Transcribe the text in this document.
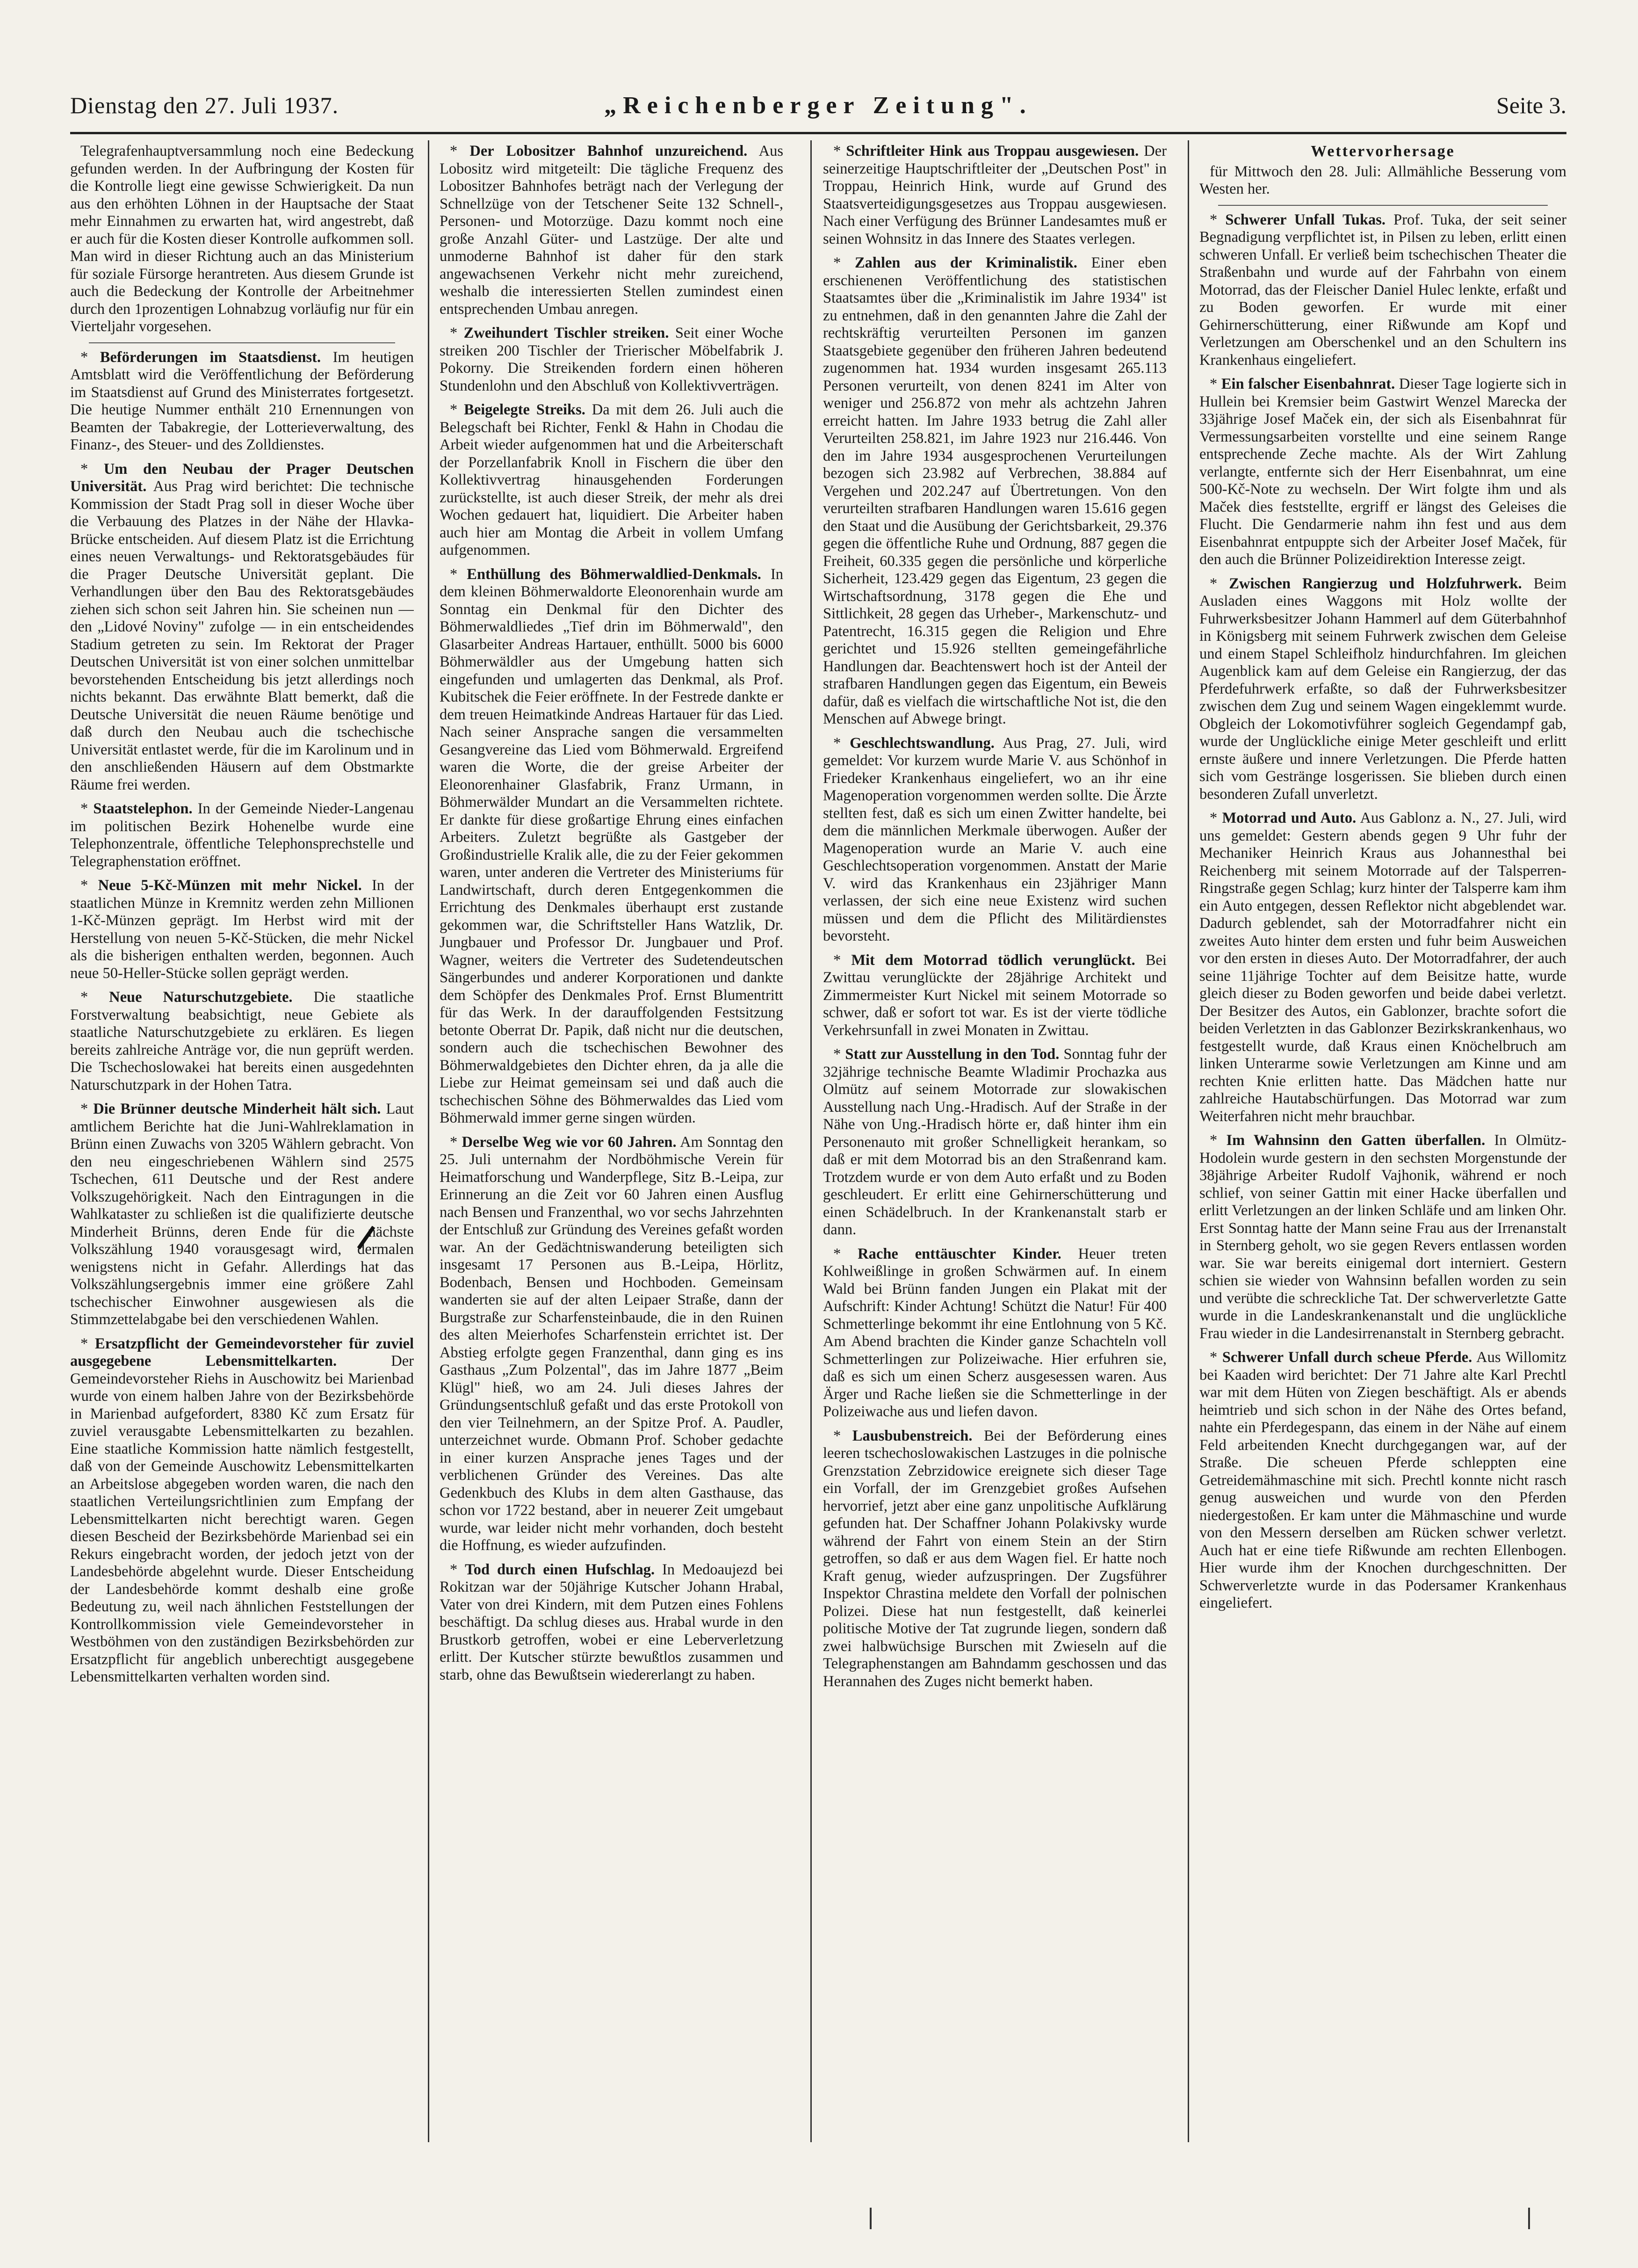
Dienstag den 27. Juli 1937.	„Reichenberger Zeitung".	Seite 3.

Telegrafenhauptversammlung noch eine Bedeckung gefunden werden. In der Aufbringung der Kosten für die Kontrolle liegt eine gewisse Schwierigkeit. Da nun aus den erhöhten Löhnen in der Hauptsache der Staat mehr Einnahmen zu erwarten hat, wird angestrebt, daß er auch für die Kosten dieser Kontrolle aufkommen soll. Man wird in dieser Richtung auch an das Ministerium für soziale Fürsorge herantreten. Aus diesem Grunde ist auch die Bedeckung der Kontrolle der Arbeitnehmer durch den 1prozentigen Lohnabzug vorläufig nur für ein Vierteljahr vorgesehen.

* Beförderungen im Staatsdienst. Im heutigen Amtsblatt wird die Veröffentlichung der Beförderung im Staatsdienst auf Grund des Ministerrates fortgesetzt. Die heutige Nummer enthält 210 Ernennungen von Beamten der Tabakregie, der Lotterieverwaltung, des Finanz-, des Steuer- und des Zolldienstes.

* Um den Neubau der Prager Deutschen Universität. Aus Prag wird berichtet: Die technische Kommission der Stadt Prag soll in dieser Woche über die Verbauung des Platzes in der Nähe der Hlavka-Brücke entscheiden. Auf diesem Platz ist die Errichtung eines neuen Verwaltungs- und Rektoratsgebäudes für die Prager Deutsche Universität geplant. Die Verhandlungen über den Bau des Rektoratsgebäudes ziehen sich schon seit Jahren hin. Sie scheinen nun — den „Lidové Noviny" zufolge — in ein entscheidendes Stadium getreten zu sein. Im Rektorat der Prager Deutschen Universität ist von einer solchen unmittelbar bevorstehenden Entscheidung bis jetzt allerdings noch nichts bekannt. Das erwähnte Blatt bemerkt, daß die Deutsche Universität die neuen Räume benötige und daß durch den Neubau auch die tschechische Universität entlastet werde, für die im Karolinum und in den anschließenden Häusern auf dem Obstmarkte Räume frei werden.

* Staatstelephon. In der Gemeinde Nieder-Langenau im politischen Bezirk Hohenelbe wurde eine Telephonzentrale, öffentliche Telephonsprechstelle und Telegraphenstation eröffnet.

* Neue 5-Kč-Münzen mit mehr Nickel. In der staatlichen Münze in Kremnitz werden zehn Millionen 1-Kč-Münzen geprägt. Im Herbst wird mit der Herstellung von neuen 5-Kč-Stücken, die mehr Nickel als die bisherigen enthalten werden, begonnen. Auch neue 50-Heller-Stücke sollen geprägt werden.

* Neue Naturschutzgebiete. Die staatliche Forstverwaltung beabsichtigt, neue Gebiete als staatliche Naturschutzgebiete zu erklären. Es liegen bereits zahlreiche Anträge vor, die nun geprüft werden. Die Tschechoslowakei hat bereits einen ausgedehnten Naturschutzpark in der Hohen Tatra.

* Die Brünner deutsche Minderheit hält sich. Laut amtlichem Berichte hat die Juni-Wahlreklamation in Brünn einen Zuwachs von 3205 Wählern gebracht. Von den neu eingeschriebenen Wählern sind 2575 Tschechen, 611 Deutsche und der Rest andere Volkszugehörigkeit. Nach den Eintragungen in die Wahlkataster zu schließen ist die qualifizierte deutsche Minderheit Brünns, deren Ende für die nächste Volkszählung 1940 vorausgesagt wird, dermalen wenigstens nicht in Gefahr. Allerdings hat das Volkszählungsergebnis immer eine größere Zahl tschechischer Einwohner ausgewiesen als die Stimmzettelabgabe bei den verschiedenen Wahlen.

* Ersatzpflicht der Gemeindevorsteher für zuviel ausgegebene Lebensmittelkarten.	Der Gemeindevorsteher Riehs in Auschowitz bei Marienbad wurde von einem halben Jahre von der Bezirksbehörde in Marienbad aufgefordert, 8380 Kč zum Ersatz für zuviel verausgabte Lebensmittelkarten zu bezahlen. Eine staatliche Kommission hatte nämlich festgestellt, daß von der Gemeinde Auschowitz Lebensmittelkarten an Arbeitslose abgegeben worden waren, die nach den staatlichen Verteilungsrichtlinien zum Empfang der Lebensmittelkarten nicht berechtigt waren. Gegen diesen Bescheid der Bezirksbehörde Marienbad sei ein Rekurs eingebracht worden, der jedoch jetzt von der Landesbehörde abgelehnt wurde. Dieser Entscheidung der Landesbehörde kommt deshalb eine große Bedeutung zu, weil nach ähnlichen Feststellungen der Kontrollkommission viele Gemeindevorsteher in Westböhmen von den zuständigen Bezirksbehörden zur Ersatzpflicht für angeblich unberechtigt ausgegebene Lebensmittelkarten verhalten worden sind.

* Der Lobositzer Bahnhof unzureichend. Aus Lobositz wird mitgeteilt: Die tägliche Frequenz des Lobositzer Bahnhofes beträgt nach der Verlegung der Schnellzüge von der Tetschener Seite 132 Schnell-, Personen- und Motorzüge. Dazu kommt noch eine große Anzahl Güter- und Lastzüge. Der alte und unmoderne Bahnhof ist daher für den stark angewachsenen Verkehr nicht mehr zureichend, weshalb die interessierten Stellen zumindest einen entsprechenden Umbau anregen.

* Zweihundert Tischler streiken. Seit einer Woche streiken 200 Tischler der Trierischer Möbelfabrik J. Pokorny. Die Streikenden fordern einen höheren Stundenlohn und den Abschluß von Kollektivverträgen.

* Beigelegte Streiks. Da mit dem 26. Juli auch die Belegschaft bei Richter, Fenkl & Hahn in Chodau die Arbeit wieder aufgenommen hat und die Arbeiterschaft der Porzellanfabrik Knoll in Fischern die über den Kollektivvertrag hinausgehenden Forderungen zurückstellte, ist auch dieser Streik, der mehr als drei Wochen gedauert hat, liquidiert. Die Arbeiter haben auch hier am Montag die Arbeit in vollem Umfang aufgenommen.

* Enthüllung des Böhmerwaldlied-Denkmals. In dem kleinen Böhmerwaldorte Eleonorenhain wurde am Sonntag ein Denkmal für den Dichter des Böhmerwaldliedes „Tief drin im Böhmerwald", den Glasarbeiter Andreas Hartauer, enthüllt. 5000 bis 6000 Böhmerwäldler aus der Umgebung hatten sich eingefunden und umlagerten das Denkmal, als Prof. Kubitschek die Feier eröffnete. In der Festrede dankte er dem treuen Heimatkinde Andreas Hartauer für das Lied. Nach seiner Ansprache sangen die versammelten Gesangvereine das Lied vom Böhmerwald. Ergreifend waren die Worte, die der greise Arbeiter der Eleonorenhainer Glasfabrik, Franz Urmann, in Böhmerwälder Mundart an die Versammelten richtete. Er dankte für diese großartige Ehrung eines einfachen Arbeiters. Zuletzt begrüßte als Gastgeber der Großindustrielle Kralik alle, die zu der Feier gekommen waren, unter anderen die Vertreter des Ministeriums für Landwirtschaft, durch deren Entgegenkommen die Errichtung des Denkmales überhaupt erst zustande gekommen war, die Schriftsteller Hans Watzlik, Dr. Jungbauer und Professor Dr. Jungbauer und Prof. Wagner, weiters die Vertreter des Sudetendeutschen Sängerbundes und anderer Korporationen und dankte dem Schöpfer des Denkmales Prof. Ernst Blumentritt für das Werk. In der darauffolgenden Festsitzung betonte Oberrat Dr. Papik, daß nicht nur die deutschen, sondern auch die tschechischen Bewohner des Böhmerwaldgebietes den Dichter ehren, da ja alle die Liebe zur Heimat gemeinsam sei und daß auch die tschechischen Söhne des Böhmerwaldes das Lied vom Böhmerwald immer gerne singen würden.

* Derselbe Weg wie vor 60 Jahren. Am Sonntag den 25. Juli unternahm der Nordböhmische Verein für Heimatforschung und Wanderpflege, Sitz B.-Leipa, zur Erinnerung an die Zeit vor 60 Jahren einen Ausflug nach Bensen und Franzenthal, wo vor sechs Jahrzehnten der Entschluß zur Gründung des Vereines gefaßt worden war. An der Gedächtniswanderung beteiligten sich insgesamt 17 Personen aus B.-Leipa, Hörlitz, Bodenbach, Bensen und Hochboden. Gemeinsam wanderten sie auf der alten Leipaer Straße, dann der Burgstraße zur Scharfensteinbaude, die in den Ruinen des alten Meierhofes Scharfenstein errichtet ist. Der Abstieg erfolgte gegen Franzenthal, dann ging es ins Gasthaus „Zum Polzental", das im Jahre 1877 „Beim Klügl" hieß, wo am 24. Juli dieses Jahres der Gründungsentschluß gefaßt und das erste Protokoll von den vier Teilnehmern, an der Spitze Prof. A. Paudler, unterzeichnet wurde. Obmann Prof. Schober gedachte in einer kurzen Ansprache jenes Tages und der verblichenen Gründer des Vereines. Das alte Gedenkbuch des Klubs in dem alten Gasthause, das schon vor 1722 bestand, aber in neuerer Zeit umgebaut wurde, war leider nicht mehr vorhanden, doch besteht die Hoffnung, es wieder aufzufinden.

* Tod durch einen Hufschlag. In Medoaujezd bei Rokitzan war der 50jährige Kutscher Johann Hrabal, Vater von drei Kindern, mit dem Putzen eines Fohlens beschäftigt. Da schlug dieses aus. Hrabal wurde in den Brustkorb getroffen, wobei er eine Leberverletzung erlitt. Der Kutscher stürzte bewußtlos zusammen und starb, ohne das Bewußtsein wiedererlangt zu haben.

* Schriftleiter Hink aus Troppau ausgewiesen. Der seinerzeitige Hauptschriftleiter der „Deutschen Post" in Troppau, Heinrich Hink, wurde auf Grund des Staatsverteidigungsgesetzes aus Troppau ausgewiesen. Nach einer Verfügung des Brünner Landesamtes muß er seinen Wohnsitz in das Innere des Staates verlegen.

* Zahlen aus der Kriminalistik. Einer eben erschienenen Veröffentlichung des statistischen Staatsamtes über die „Kriminalistik im Jahre 1934" ist zu entnehmen, daß in den genannten Jahre die Zahl der rechtskräftig verurteilten Personen im ganzen Staatsgebiete gegenüber den früheren Jahren bedeutend zugenommen hat. 1934 wurden insgesamt 265.113 Personen verurteilt, von denen 8241 im Alter von weniger und 256.872 von mehr als achtzehn Jahren erreicht hatten. Im Jahre 1933 betrug die Zahl aller Verurteilten 258.821, im Jahre 1923 nur 216.446. Von den im Jahre 1934 ausgesprochenen Verurteilungen bezogen sich 23.982 auf Verbrechen, 38.884 auf Vergehen und 202.247 auf Übertretungen. Von den verurteilten strafbaren Handlungen waren 15.616 gegen den Staat und die Ausübung der Gerichtsbarkeit, 29.376 gegen die öffentliche Ruhe und Ordnung, 887 gegen die Freiheit, 60.335 gegen die persönliche und körperliche Sicherheit, 123.429 gegen das Eigentum, 23 gegen die Wirtschaftsordnung, 3178 gegen die Ehe und Sittlichkeit, 28 gegen das Urheber-, Markenschutz- und Patentrecht, 16.315 gegen die Religion und Ehre gerichtet und 15.926 stellten gemeingefährliche Handlungen dar. Beachtenswert hoch ist der Anteil der strafbaren Handlungen gegen das Eigentum, ein Beweis dafür, daß es vielfach die wirtschaftliche Not ist, die den Menschen auf Abwege bringt.

* Geschlechtswandlung. Aus Prag, 27. Juli, wird gemeldet: Vor kurzem wurde Marie V. aus Schönhof in Friedeker Krankenhaus eingeliefert, wo an ihr eine Magenoperation vorgenommen werden sollte. Die Ärzte stellten fest, daß es sich um einen Zwitter handelte, bei dem die männlichen Merkmale überwogen. Außer der Magenoperation wurde an Marie V. auch eine Geschlechtsoperation vorgenommen. Anstatt der Marie V. wird das Krankenhaus ein 23jähriger Mann verlassen, der sich eine neue Existenz wird suchen müssen und dem die Pflicht des Militärdienstes bevorsteht.

* Mit dem Motorrad tödlich verunglückt. Bei Zwittau verunglückte der 28jährige Architekt und Zimmermeister Kurt Nickel mit seinem Motorrade so schwer, daß er sofort tot war. Es ist der vierte tödliche Verkehrsunfall in zwei Monaten in Zwittau.

* Statt zur Ausstellung in den Tod. Sonntag fuhr der 32jährige technische Beamte Wladimir Prochazka aus Olmütz auf seinem Motorrade zur slowakischen Ausstellung nach Ung.-Hradisch. Auf der Straße in der Nähe von Ung.-Hradisch hörte er, daß hinter ihm ein Personenauto mit großer Schnelligkeit herankam, so daß er mit dem Motorrad bis an den Straßenrand kam. Trotzdem wurde er von dem Auto erfaßt und zu Boden geschleudert. Er erlitt eine Gehirnerschütterung und einen Schädelbruch. In der Krankenanstalt starb er dann.

* Rache enttäuschter Kinder. Heuer treten Kohlweißlinge in großen Schwärmen auf. In einem Wald bei Brünn fanden Jungen ein Plakat mit der Aufschrift: Kinder Achtung! Schützt die Natur! Für 400 Schmetterlinge bekommt ihr eine Entlohnung von 5 Kč. Am Abend brachten die Kinder ganze Schachteln voll Schmetterlingen zur Polizeiwache. Hier erfuhren sie, daß es sich um einen Scherz ausgesessen waren. Aus Ärger und Rache ließen sie die Schmetterlinge in der Polizeiwache aus und liefen davon.

* Lausbubenstreich. Bei der Beförderung eines leeren tschechoslowakischen Lastzuges in die polnische Grenzstation Zebrzidowice ereignete sich dieser Tage ein Vorfall, der im Grenzgebiet großes Aufsehen hervorrief, jetzt aber eine ganz unpolitische Aufklärung gefunden hat. Der Schaffner Johann Polakivsky wurde während der Fahrt von einem Stein an der Stirn getroffen, so daß er aus dem Wagen fiel. Er hatte noch Kraft genug, wieder aufzuspringen. Der Zugsführer Inspektor Chrastina meldete den Vorfall der polnischen Polizei. Diese hat nun festgestellt, daß keinerlei politische Motive der Tat zugrunde liegen, sondern daß zwei halbwüchsige Burschen mit Zwieseln auf die Telegraphenstangen am Bahndamm geschossen und das Herannahen des Zuges nicht bemerkt haben.

Wettervorhersage

für Mittwoch den 28. Juli: Allmähliche Besserung vom Westen her.

* Schwerer Unfall Tukas. Prof. Tuka, der seit seiner Begnadigung verpflichtet ist, in Pilsen zu leben, erlitt einen schweren Unfall. Er verließ beim tschechischen Theater die Straßenbahn und wurde auf der Fahrbahn von einem Motorrad, das der Fleischer Daniel Hulec lenkte, erfaßt und zu Boden geworfen. Er wurde mit einer Gehirnerschütterung, einer Rißwunde am Kopf und Verletzungen am Oberschenkel und an den Schultern ins Krankenhaus eingeliefert.

* Ein falscher Eisenbahnrat. Dieser Tage logierte sich in Hullein bei Kremsier beim Gastwirt Wenzel Marecka der 33jährige Josef Maček ein, der sich als Eisenbahnrat für Vermessungsarbeiten vorstellte und eine seinem Range entsprechende Zeche machte. Als der Wirt Zahlung verlangte, entfernte sich der Herr Eisenbahnrat, um eine 500-Kč-Note zu wechseln. Der Wirt folgte ihm und als Maček dies feststellte, ergriff er längst des Geleises die Flucht. Die Gendarmerie nahm ihn fest und aus dem Eisenbahnrat entpuppte sich der Arbeiter Josef Maček, für den auch die Brünner Polizeidirektion Interesse zeigt.

* Zwischen Rangierzug und Holzfuhrwerk. Beim Ausladen eines Waggons mit Holz wollte der Fuhrwerksbesitzer Johann Hammerl auf dem Güterbahnhof in Königsberg mit seinem Fuhrwerk zwischen dem Geleise und einem Stapel Schleifholz hindurchfahren. Im gleichen Augenblick kam auf dem Geleise ein Rangierzug, der das Pferdefuhrwerk erfaßte, so daß der Fuhrwerksbesitzer zwischen dem Zug und seinem Wagen eingeklemmt wurde. Obgleich der Lokomotivführer sogleich Gegendampf gab, wurde der Unglückliche einige Meter geschleift und erlitt ernste äußere und innere Verletzungen. Die Pferde hatten sich vom Gestränge losgerissen. Sie blieben durch einen besonderen Zufall unverletzt.

* Motorrad und Auto. Aus Gablonz a. N., 27. Juli, wird uns gemeldet: Gestern abends gegen 9 Uhr fuhr der Mechaniker Heinrich Kraus aus Johannesthal bei Reichenberg mit seinem Motorrade auf der Talsperren-Ringstraße gegen Schlag; kurz hinter der Talsperre kam ihm ein Auto entgegen, dessen Reflektor nicht abgeblendet war. Dadurch geblendet, sah der Motorradfahrer nicht ein zweites Auto hinter dem ersten und fuhr beim Ausweichen vor den ersten in dieses Auto. Der Motorradfahrer, der auch seine 11jährige Tochter auf dem Beisitze hatte, wurde gleich dieser zu Boden geworfen und beide dabei verletzt. Der Besitzer des Autos, ein Gablonzer, brachte sofort die beiden Verletzten in das Gablonzer Bezirkskrankenhaus, wo festgestellt wurde, daß Kraus einen Knöchelbruch am linken Unterarme sowie Verletzungen am Kinne und am rechten Knie erlitten hatte. Das Mädchen hatte nur zahlreiche Hautabschürfungen. Das Motorrad war zum Weiterfahren nicht mehr brauchbar.

* Im Wahnsinn den Gatten überfallen. In Olmütz-Hodolein wurde gestern in den sechsten Morgenstunde der 38jährige Arbeiter Rudolf Vajhonik, während er noch schlief, von seiner Gattin mit einer Hacke überfallen und erlitt Verletzungen an der linken Schläfe und am linken Ohr. Erst Sonntag hatte der Mann seine Frau aus der Irrenanstalt in Sternberg geholt, wo sie gegen Revers entlassen worden war. Sie war bereits einigemal dort interniert. Gestern schien sie wieder von Wahnsinn befallen worden zu sein und verübte die schreckliche Tat. Der schwerverletzte Gatte wurde in die Landeskrankenanstalt und die unglückliche Frau wieder in die Landesirrenanstalt in Sternberg gebracht.

* Schwerer Unfall durch scheue Pferde. Aus Willomitz bei Kaaden wird berichtet: Der 71 Jahre alte Karl Prechtl war mit dem Hüten von Ziegen beschäftigt. Als er abends heimtrieb und sich schon in der Nähe des Ortes befand, nahte ein Pferdegespann, das einem in der Nähe auf einem Feld arbeitenden Knecht durchgegangen war, auf der Straße. Die scheuen Pferde schleppten eine Getreidemähmaschine mit sich. Prechtl konnte nicht rasch genug ausweichen und wurde von den Pferden niedergestoßen. Er kam unter die Mähmaschine und wurde von den Messern derselben am Rücken schwer verletzt. Auch hat er eine tiefe Rißwunde am rechten Ellenbogen. Hier wurde ihm der Knochen durchgeschnitten. Der Schwerverletzte wurde in das Podersamer Krankenhaus eingeliefert.
